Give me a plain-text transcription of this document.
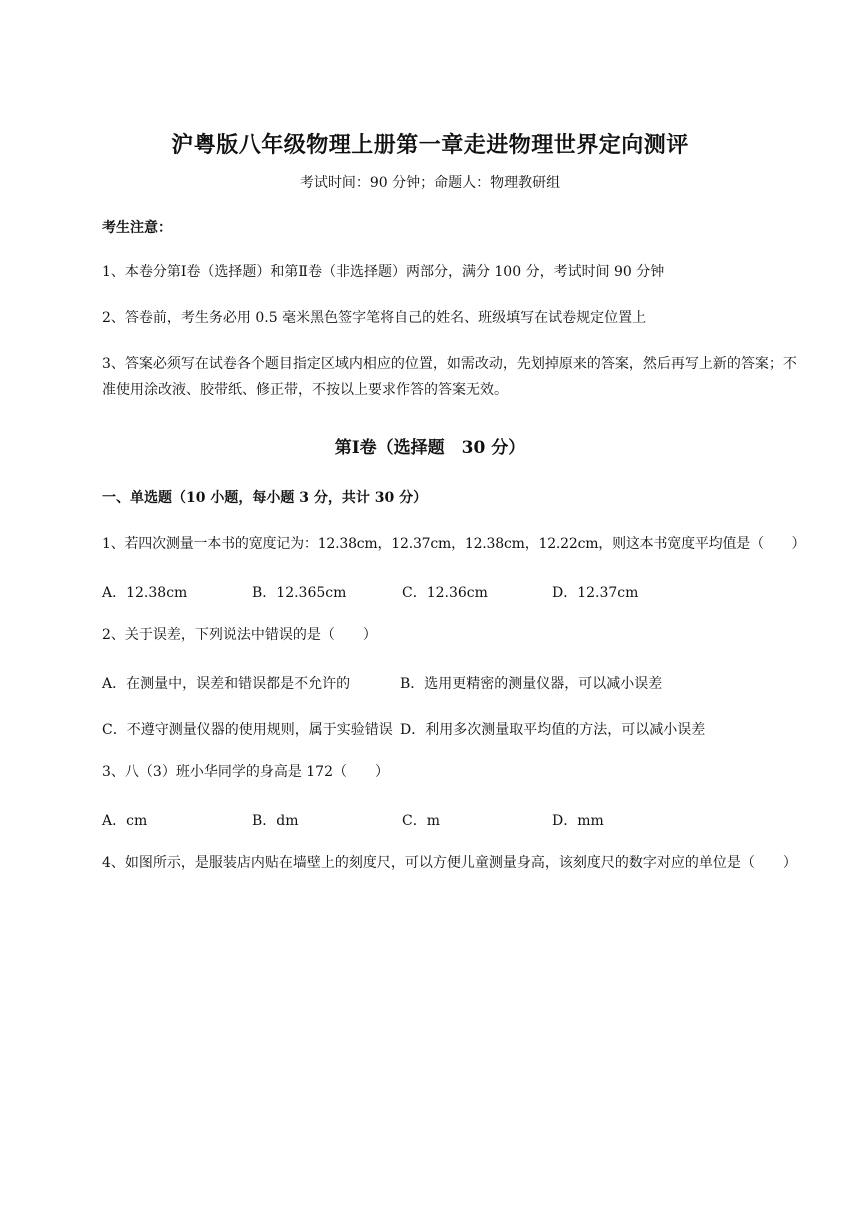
沪粤版八年级物理上册第一章走进物理世界定向测评
考试时间：90 分钟；命题人：物理教研组
考生注意：
1、本卷分第Ⅰ卷（选择题）和第Ⅱ卷（非选择题）两部分，满分 100 分，考试时间 90 分钟
2、答卷前，考生务必用 0.5 毫米黑色签字笔将自己的姓名、班级填写在试卷规定位置上
3、答案必须写在试卷各个题目指定区域内相应的位置，如需改动，先划掉原来的答案，然后再写上新的答案；不准使用涂改液、胶带纸、修正带，不按以上要求作答的答案无效。
第Ⅰ卷（选择题　30 分）
一、单选题（10 小题，每小题 3 分，共计 30 分）
1、若四次测量一本书的宽度记为：12.38cm，12.37cm，12.38cm，12.22cm，则这本书宽度平均值是（　　）
A．12.38cm	B．12.365cm	C．12.36cm	D．12.37cm
2、关于误差，下列说法中错误的是（　　）
A．在测量中，误差和错误都是不允许的	B．选用更精密的测量仪器，可以减小误差
C．不遵守测量仪器的使用规则，属于实验错误 D．利用多次测量取平均值的方法，可以减小误差
3、八（3）班小华同学的身高是 172（　　）
A．cm	B．dm	C．m	D．mm
4、如图所示，是服装店内贴在墙壁上的刻度尺，可以方便儿童测量身高，该刻度尺的数字对应的单位是（　　）
